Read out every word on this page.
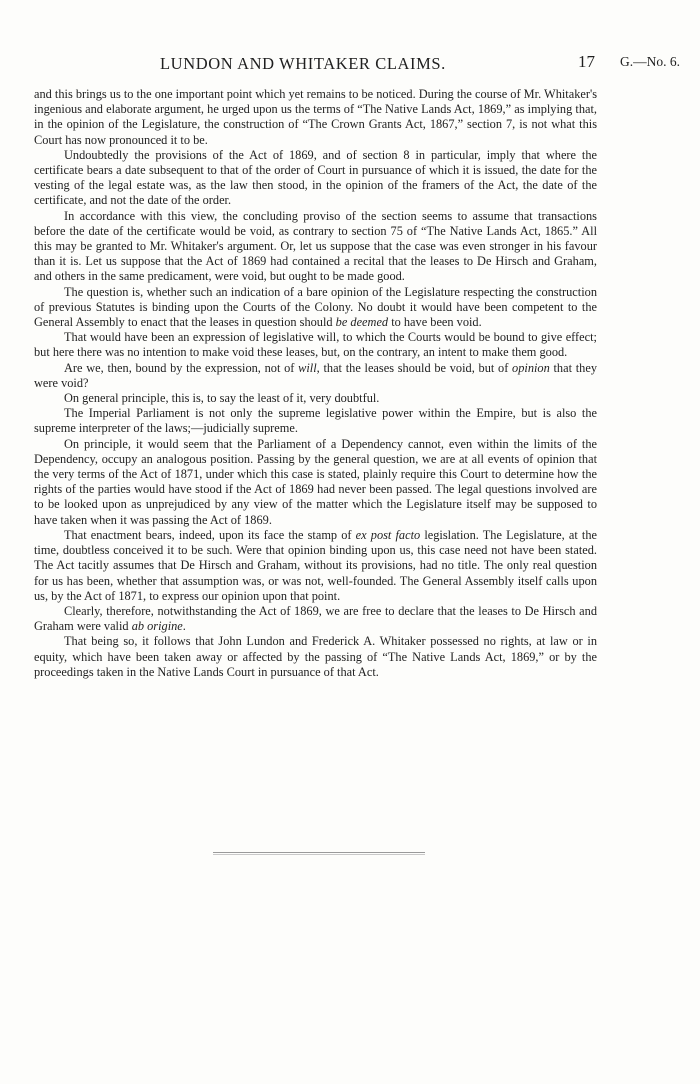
LUNDON AND WHITAKER CLAIMS.	17 G.—No. 6.

and this brings us to the one important point which yet remains to be noticed. During the course of Mr. Whitaker's ingenious and elaborate argument, he urged upon us the terms of “The Native Lands Act, 1869,” as implying that, in the opinion of the Legislature, the construction of “The Crown Grants Act, 1867,” section 7, is not what this Court has now pronounced it to be.

Undoubtedly the provisions of the Act of 1869, and of section 8 in particular, imply that where the certificate bears a date subsequent to that of the order of Court in pursuance of which it is issued, the date for the vesting of the legal estate was, as the law then stood, in the opinion of the framers of the Act, the date of the certificate, and not the date of the order.

In accordance with this view, the concluding proviso of the section seems to assume that transactions before the date of the certificate would be void, as contrary to section 75 of “The Native Lands Act, 1865.” All this may be granted to Mr. Whitaker's argument. Or, let us suppose that the case was even stronger in his favour than it is. Let us suppose that the Act of 1869 had contained a recital that the leases to De Hirsch and Graham, and others in the same predicament, were void, but ought to be made good.

The question is, whether such an indication of a bare opinion of the Legislature respecting the construction of previous Statutes is binding upon the Courts of the Colony. No doubt it would have been competent to the General Assembly to enact that the leases in question should be deemed to have been void.

That would have been an expression of legislative will, to which the Courts would be bound to give effect; but here there was no intention to make void these leases, but, on the contrary, an intent to make them good.

Are we, then, bound by the expression, not of will, that the leases should be void, but of opinion that they were void?

On general principle, this is, to say the least of it, very doubtful.

The Imperial Parliament is not only the supreme legislative power within the Empire, but is also the supreme interpreter of the laws;—judicially supreme.

On principle, it would seem that the Parliament of a Dependency cannot, even within the limits of the Dependency, occupy an analogous position. Passing by the general question, we are at all events of opinion that the very terms of the Act of 1871, under which this case is stated, plainly require this Court to determine how the rights of the parties would have stood if the Act of 1869 had never been passed. The legal questions involved are to be looked upon as unprejudiced by any view of the matter which the Legislature itself may be supposed to have taken when it was passing the Act of 1869.

That enactment bears, indeed, upon its face the stamp of ex post facto legislation. The Legislature, at the time, doubtless conceived it to be such. Were that opinion binding upon us, this case need not have been stated. The Act tacitly assumes that De Hirsch and Graham, without its provisions, had no title. The only real question for us has been, whether that assumption was, or was not, well-founded. The General Assembly itself calls upon us, by the Act of 1871, to express our opinion upon that point.

Clearly, therefore, notwithstanding the Act of 1869, we are free to declare that the leases to De Hirsch and Graham were valid ab origine.

That being so, it follows that John Lundon and Frederick A. Whitaker possessed no rights, at law or in equity, which have been taken away or affected by the passing of “The Native Lands Act, 1869,” or by the proceedings taken in the Native Lands Court in pursuance of that Act.
